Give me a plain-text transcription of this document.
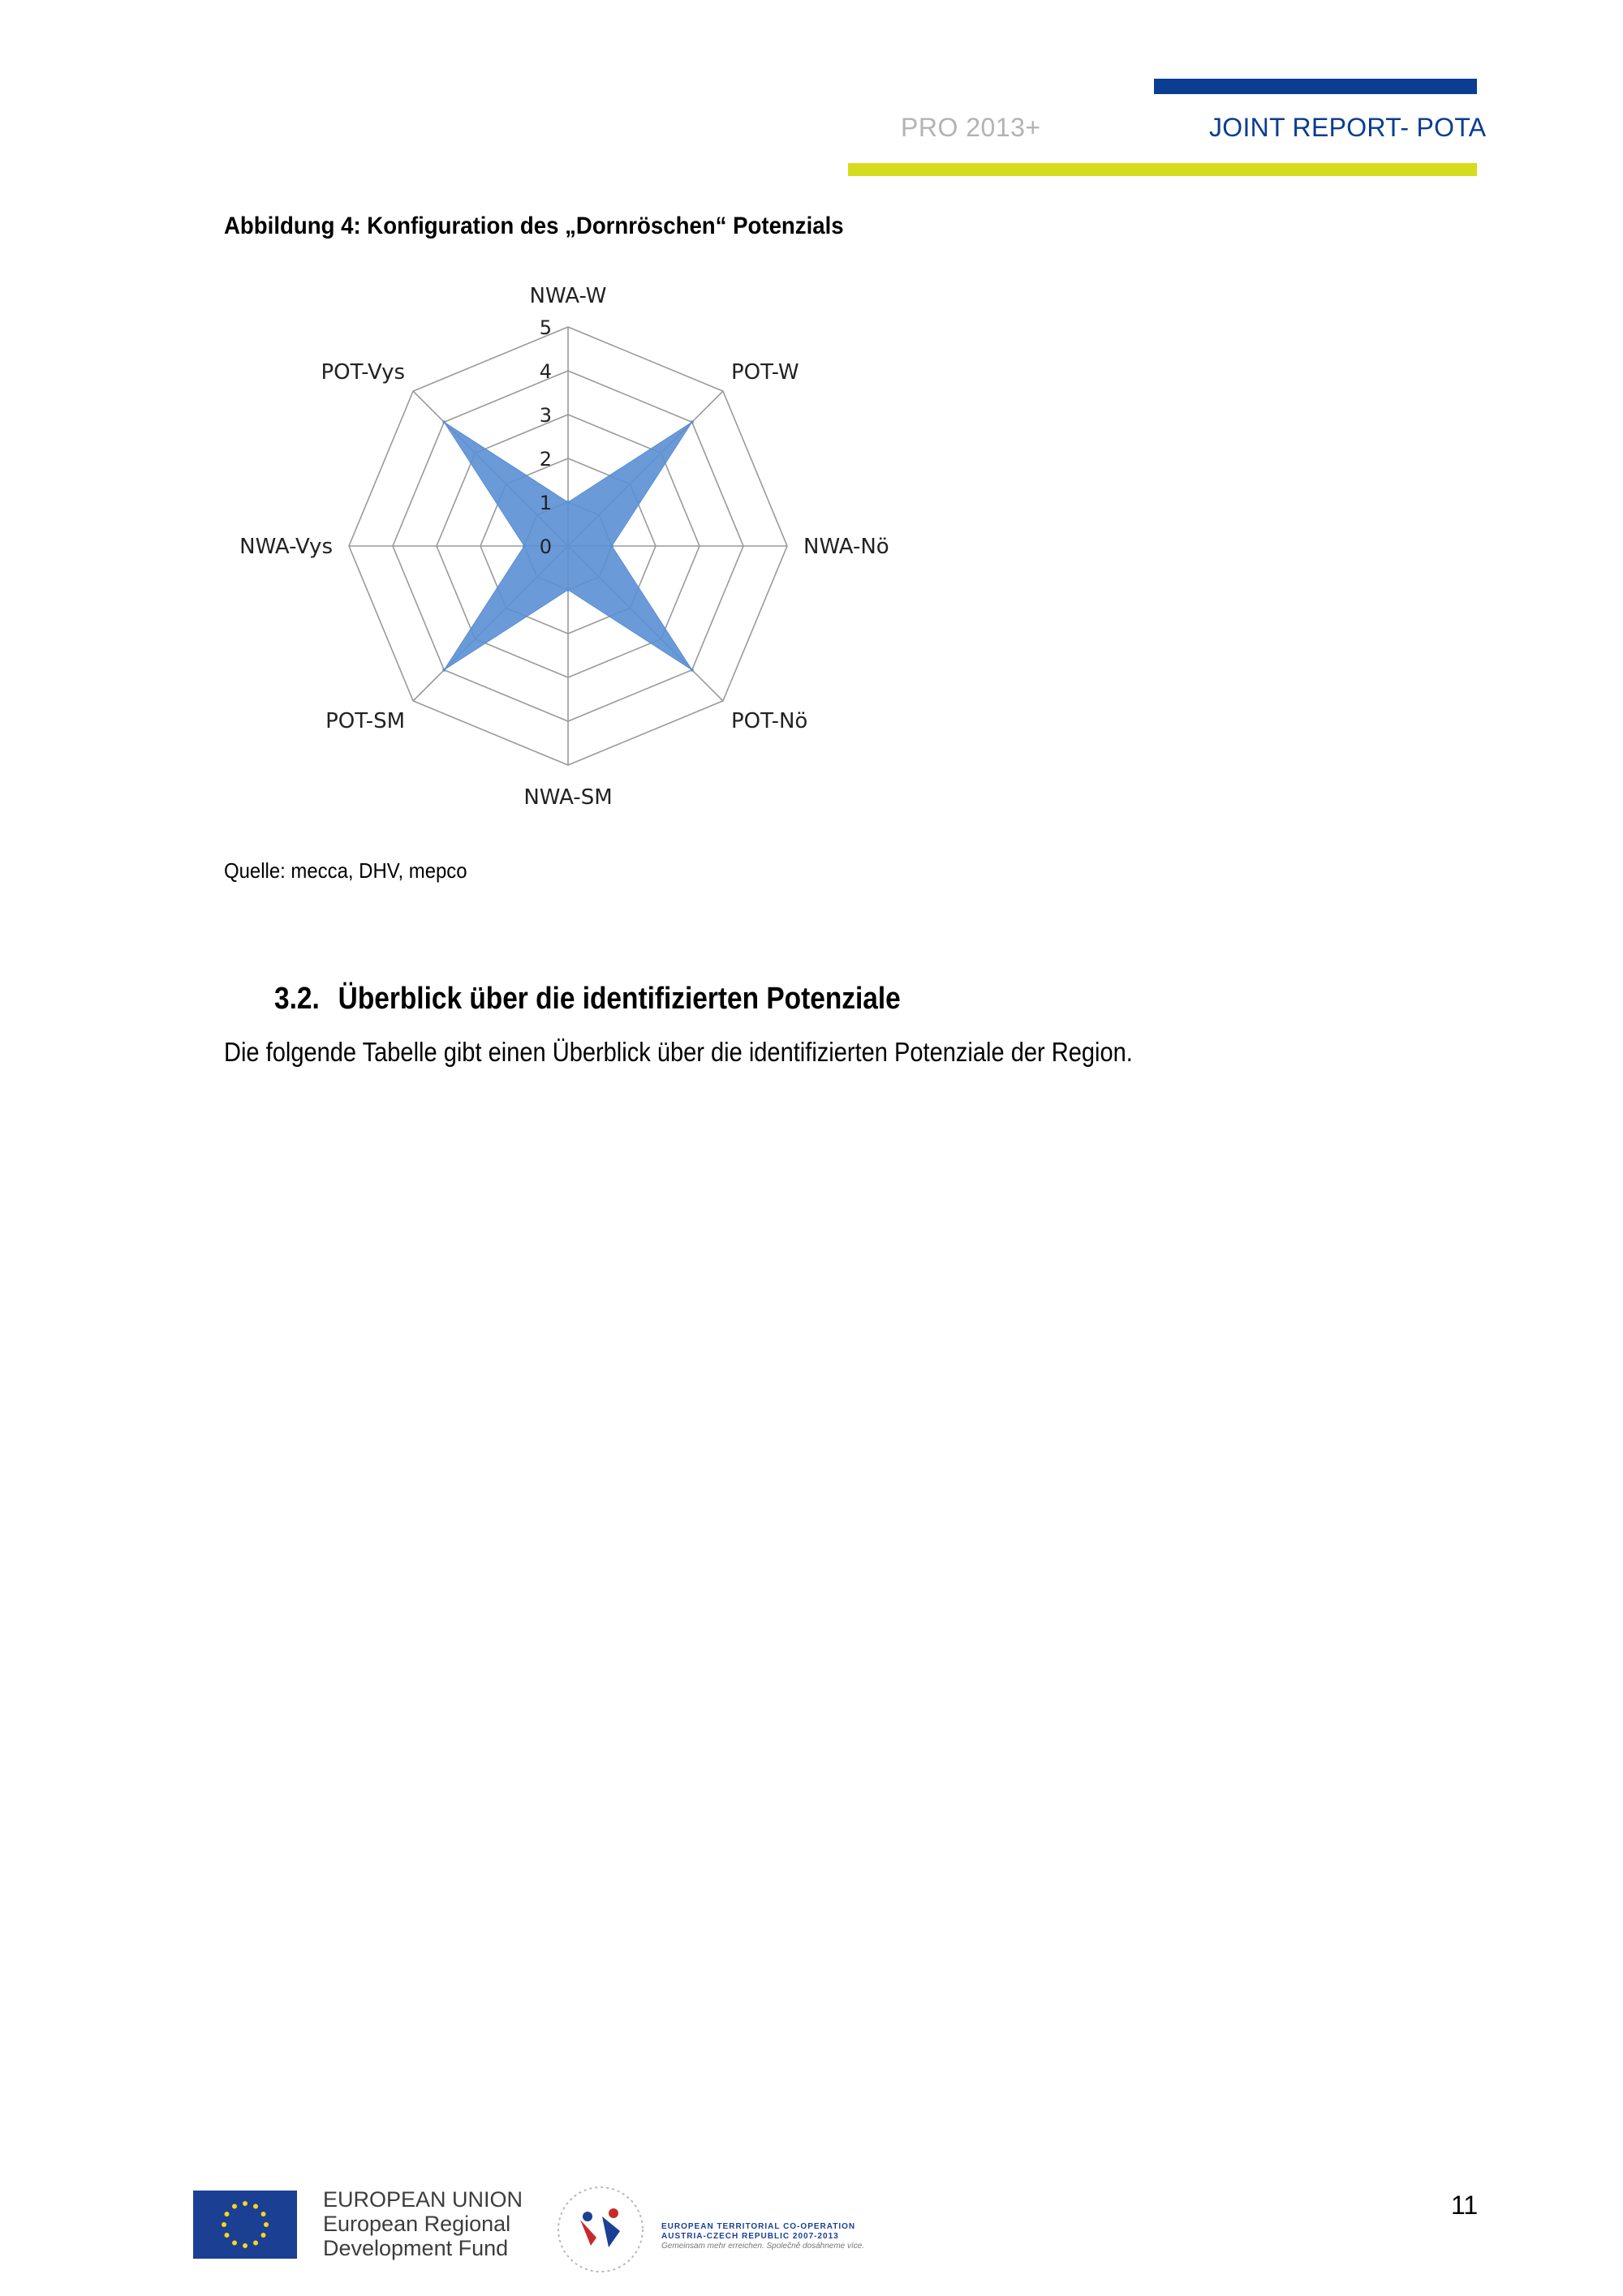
PRO 2013+	JOINT REPORT- POTA
Abbildung 4: Konfiguration des „Dornröschen“ Potenzials
0
1
2
3
4
5
NWA-W
POT-W
NWA-Nö
POT-Nö
NWA-SM
POT-SM
NWA-Vys
POT-Vys
Quelle: mecca, DHV, mepco
3.2. Überblick über die identifizierten Potenziale
Die folgende Tabelle gibt einen Überblick über die identifizierten Potenziale der Region.
EUROPEAN UNION
European Regional
Development Fund
EUROPEAN TERRITORIAL CO-OPERATION
AUSTRIA-CZECH REPUBLIC 2007-2013
Gemeinsam mehr erreichen. Společně dosáhneme více.
11
